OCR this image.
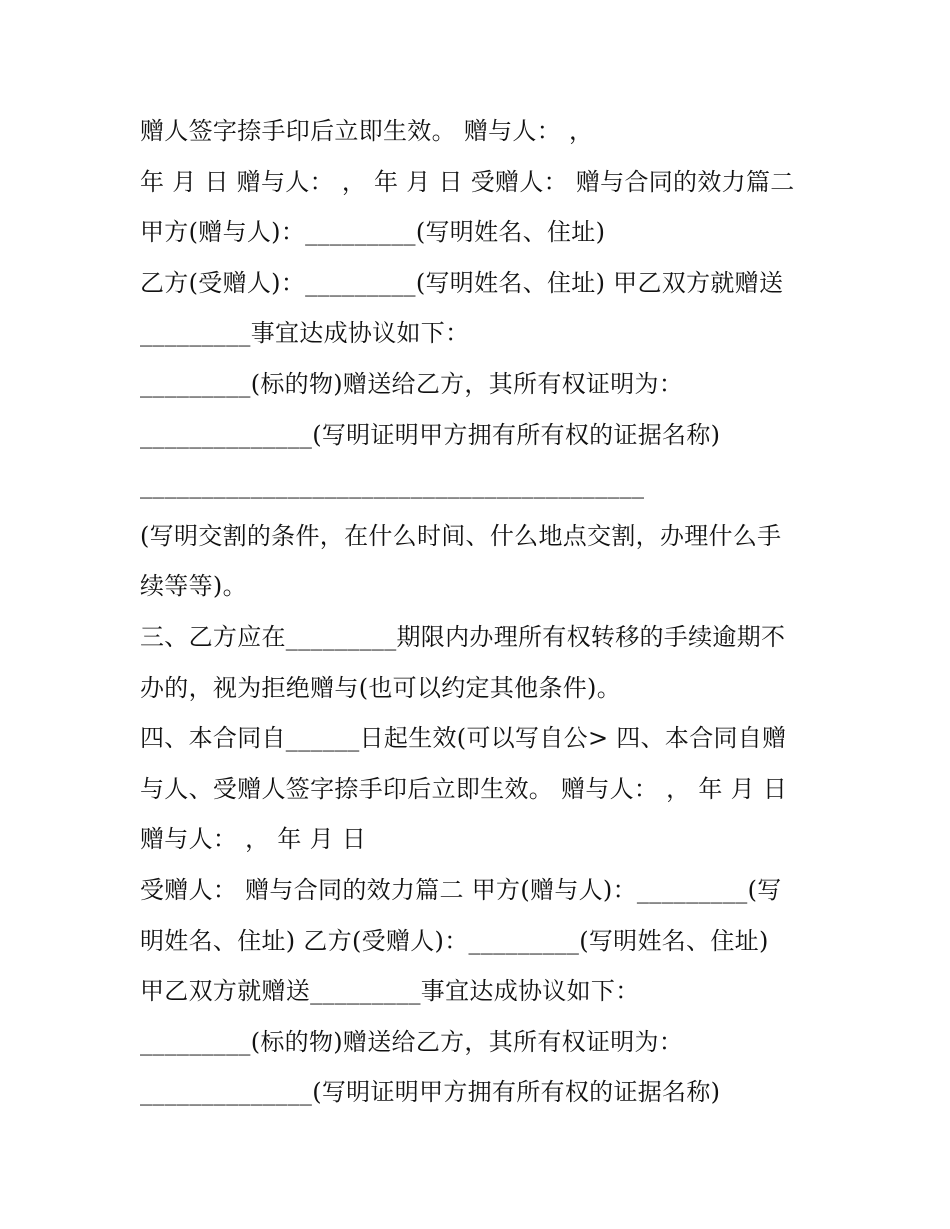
赠人签字捺手印后立即生效。 赠与人： ，
年 月 日 赠与人： ， 年 月 日 受赠人： 赠与合同的效力篇二
甲方(赠与人)：_________(写明姓名、住址)
乙方(受赠人)：_________(写明姓名、住址) 甲乙双方就赠送
_________事宜达成协议如下：
_________(标的物)赠送给乙方，其所有权证明为：
______________(写明证明甲方拥有所有权的证据名称)
_________________________________________
(写明交割的条件，在什么时间、什么地点交割，办理什么手
续等等)。
三、乙方应在_________期限内办理所有权转移的手续逾期不
办的，视为拒绝赠与(也可以约定其他条件)。
四、本合同自______日起生效(可以写自公> 四、本合同自赠
与人、受赠人签字捺手印后立即生效。 赠与人： ， 年 月 日
赠与人： ， 年 月 日
受赠人： 赠与合同的效力篇二 甲方(赠与人)：_________(写
明姓名、住址) 乙方(受赠人)：_________(写明姓名、住址)
甲乙双方就赠送_________事宜达成协议如下：
_________(标的物)赠送给乙方，其所有权证明为：
______________(写明证明甲方拥有所有权的证据名称)
